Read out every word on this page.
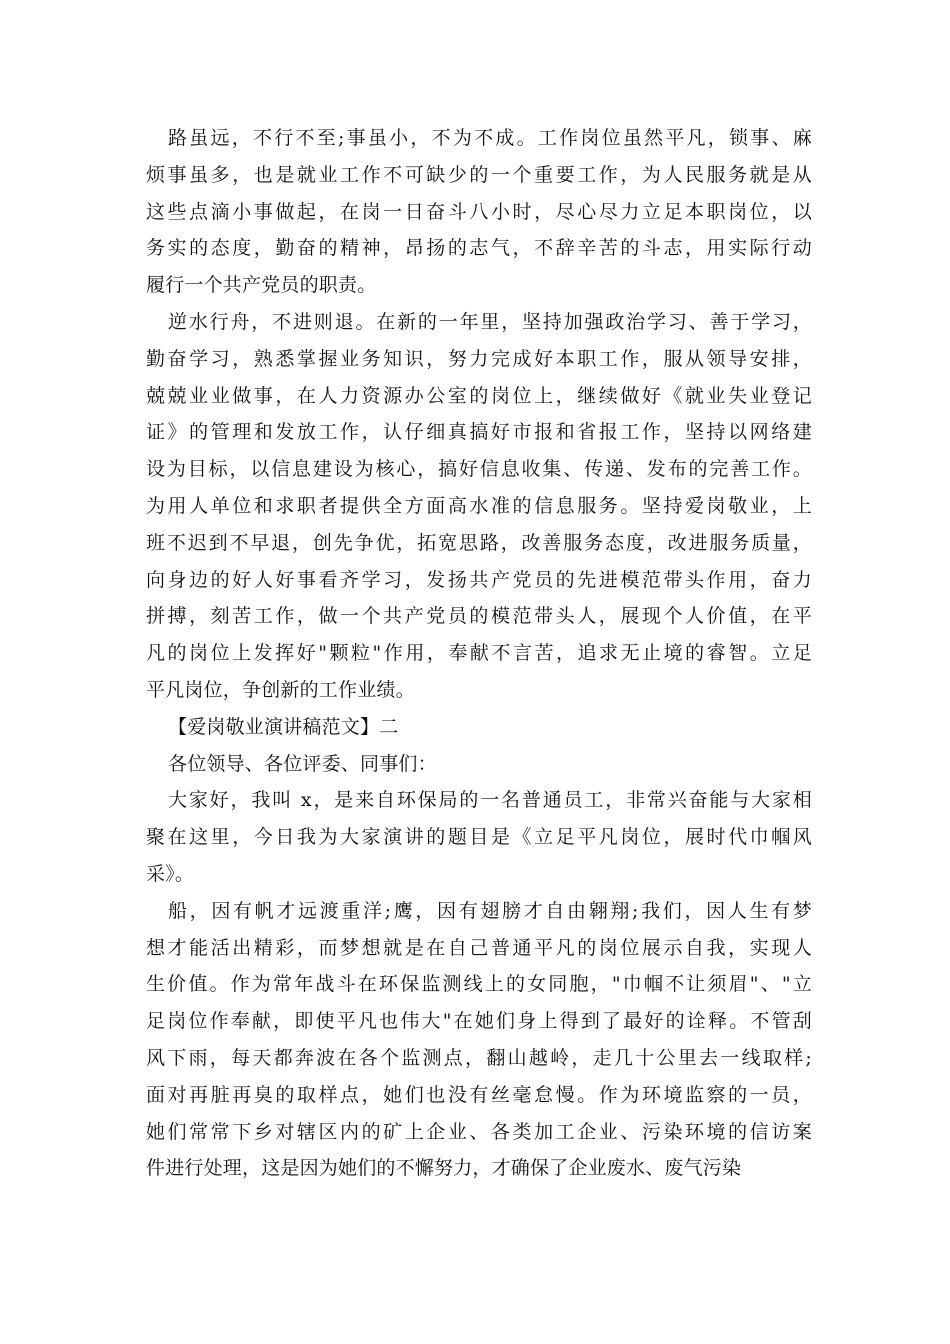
路虽远，不行不至;事虽小，不为不成。工作岗位虽然平凡，锁事、麻
烦事虽多，也是就业工作不可缺少的一个重要工作，为人民服务就是从
这些点滴小事做起，在岗一日奋斗八小时，尽心尽力立足本职岗位，以
务实的态度，勤奋的精神，昂扬的志气，不辞辛苦的斗志，用实际行动
履行一个共产党员的职责。
逆水行舟，不进则退。在新的一年里，坚持加强政治学习、善于学习，
勤奋学习，熟悉掌握业务知识，努力完成好本职工作，服从领导安排，
兢兢业业做事，在人力资源办公室的岗位上，继续做好《就业失业登记
证》的管理和发放工作，认仔细真搞好市报和省报工作，坚持以网络建
设为目标，以信息建设为核心，搞好信息收集、传递、发布的完善工作。
为用人单位和求职者提供全方面高水准的信息服务。坚持爱岗敬业，上
班不迟到不早退，创先争优，拓宽思路，改善服务态度，改进服务质量，
向身边的好人好事看齐学习，发扬共产党员的先进模范带头作用，奋力
拼搏，刻苦工作，做一个共产党员的模范带头人，展现个人价值，在平
凡的岗位上发挥好"颗粒"作用，奉献不言苦，追求无止境的睿智。立足
平凡岗位，争创新的工作业绩。
【爱岗敬业演讲稿范文】二
各位领导、各位评委、同事们：
大家好，我叫 x，是来自环保局的一名普通员工，非常兴奋能与大家相
聚在这里，今日我为大家演讲的题目是《立足平凡岗位，展时代巾帼风
采》。
船，因有帆才远渡重洋;鹰，因有翅膀才自由翱翔;我们，因人生有梦
想才能活出精彩，而梦想就是在自己普通平凡的岗位展示自我，实现人
生价值。作为常年战斗在环保监测线上的女同胞，"巾帼不让须眉"、"立
足岗位作奉献，即使平凡也伟大"在她们身上得到了最好的诠释。不管刮
风下雨，每天都奔波在各个监测点，翻山越岭，走几十公里去一线取样;
面对再脏再臭的取样点，她们也没有丝毫怠慢。作为环境监察的一员，
她们常常下乡对辖区内的矿上企业、各类加工企业、污染环境的信访案
件进行处理，这是因为她们的不懈努力，才确保了企业废水、废气污染
